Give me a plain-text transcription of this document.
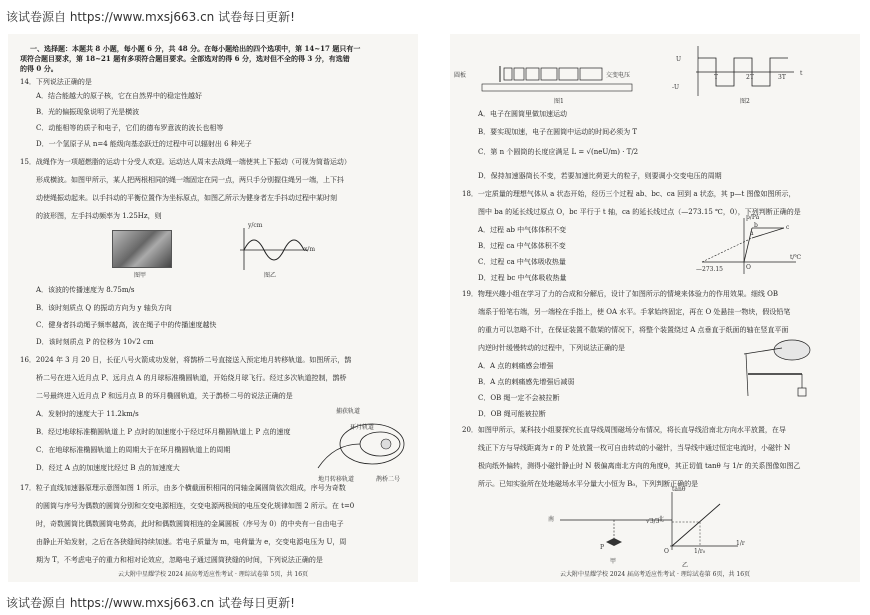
该试卷源自 https://www.mxsj663.cn 试卷每日更新!
一、选择题：本题共 8 小题，每小题 6 分，共 48 分。在每小题给出的四个选项中，第 14~17 题只有一
项符合题目要求，第 18~21 题有多项符合题目要求。全部选对的得 6 分，选对但不全的得 3 分，有选错
的得 0 分。
14．下列说法正确的是
A．结合能越大的原子核，它在自然界中的稳定性越好
B．光的偏振现象说明了光是横波
C．动能相等的质子和电子，它们的德布罗意波的波长也相等
D．一个氢原子从 n=4 能级向基态跃迁的过程中可以辐射出 6 种光子
15．战绳作为一项超燃脂的运动十分受人欢迎。运动达人周末去战绳一端使其上下振动（可视为简谐运动）
形成横波。如图甲所示，某人把两根相同的绳一端固定在同一点，两只手分别握住绳另一端，上下抖
动使绳振动起来。以手抖动的平衡位置作为坐标原点，如图乙所示为健身者左手抖动过程中某时刻
的波形图，左手抖动频率为 1.25Hz，则
图甲
y/cm
x/m
图乙
A．该波的传播速度为 8.75m/s
B．该时刻质点 Q 的振动方向为 y 轴负方向
C．健身者抖动绳子频率越高，波在绳子中的传播速度越快
D．该时刻质点 P 的位移为 10√2 cm
16．2024 年 3 月 20 日，长征八号火箭成功发射，将鹊桥二号直接送入预定地月转移轨道。如图所示，鹊
桥二号在进入近月点 P、远月点 A 的月球标准椭圆轨道，开始绕月球飞行。经过多次轨道控制，鹊桥
二号最终进入近月点 P 和远月点 B 的环月椭圆轨道，关于鹊桥二号的说法正确的是
A．发射时的速度大于 11.2km/s
B．经过地球标准椭圆轨道上 P 点时的加速度小于经过环月椭圆轨道上 P 点的速度
C．在地球标准椭圆轨道上的周期大于在环月椭圆轨道上的周期
D．经过 A 点的加速度比经过 B 点的加速度大
捕获轨道
环月轨道
地月转移轨道	鹊桥二号
17．粒子直线加速器原理示意图如图 1 所示，由多个横截面积相同的同轴金属圆筒依次组成，序号为奇数
的圆筒与序号为偶数的圆筒分别和交变电源相连，交变电源两极间的电压变化规律如图 2 所示。在 t=0
时，奇数圆筒比偶数圆筒电势高，此时和偶数圆筒相连的金属圆板（序号为 0）的中央有一自由电子
由静止开始发射，之后在各狭缝间持续加速。若电子质量为 m，电荷量为 e，交变电源电压为 U，周
期为 T，不考虑电子的重力和相对论效应，忽略电子通过圆筒狭缝的时间，下列说法正确的是
云大附中星耀学校 2024 届高考适应性考试 · 理综试卷第 5页，共 16页
圆板	交变电压
图1
U
-U
t
T	2T	3T
图2
A．电子在圆筒里做加速运动
B．要实现加速，电子在圆筒中运动的时间必须为 T
C．第 n 个圆筒的长度应满足 L = √(neU/m) · T/2
D．保持加速器筒长不变，若要加速比荷更大的粒子，则要调小交变电压的周期
18．一定质量的理想气体从 a 状态开始，经历三个过程 ab、bc、ca 回到 a 状态，其 p—t 图像如图所示，
图中 ba 的延长线过原点 O，bc 平行于 t 轴，ca 的延长线过点（—273.15 ℃，0），下列判断正确的是
A．过程 ab 中气体体积不变
B．过程 ca 中气体体积不变
C．过程 ca 中气体吸收热量
D．过程 bc 中气体吸收热量
p/Pa
t/℃
O
—273.15
a
b	c
19．物理兴趣小组在学习了力的合成和分解后，设计了如图所示的情境来体验力的作用效果。细线 OB
端系于铅笔右端，另一端栓在手指上，使 OA 水平。手掌始终固定，再在 O 处悬挂一物块，假设铅笔
的重力可以忽略不计，在保证装置不散架的情况下，将整个装置绕过 A 点垂直于纸面的轴在竖直平面
内逆时针缓慢转动的过程中，下列说法正确的是
A．A 点的刺痛感会增强
B．A 点的刺痛感先增强后减弱
C．OB 绳一定不会被拉断
D．OB 绳可能被拉断
20．如图甲所示，某科技小组要探究长直导线周围磁场分布情况，将长直导线沿南北方向水平放置，在导
线正下方与导线距离为 r 的 P 处放置一枚可自由转动的小磁针，当导线中通过恒定电流时，小磁针 N
极向纸外偏转，测得小磁针静止时 N 极偏离南北方向的角度θ，其正切值 tanθ 与 1/r 的关系图像如图乙
所示。已知实验所在处地磁场水平分量大小恒为 B₀，下列判断正确的是
南	北
P
甲
tanθ
√3/3
1/r
O	1/r₀
乙
云大附中星耀学校 2024 届高考适应性考试 · 理综试卷第 6页，共 16页
该试卷源自 https://www.mxsj663.cn 试卷每日更新!
